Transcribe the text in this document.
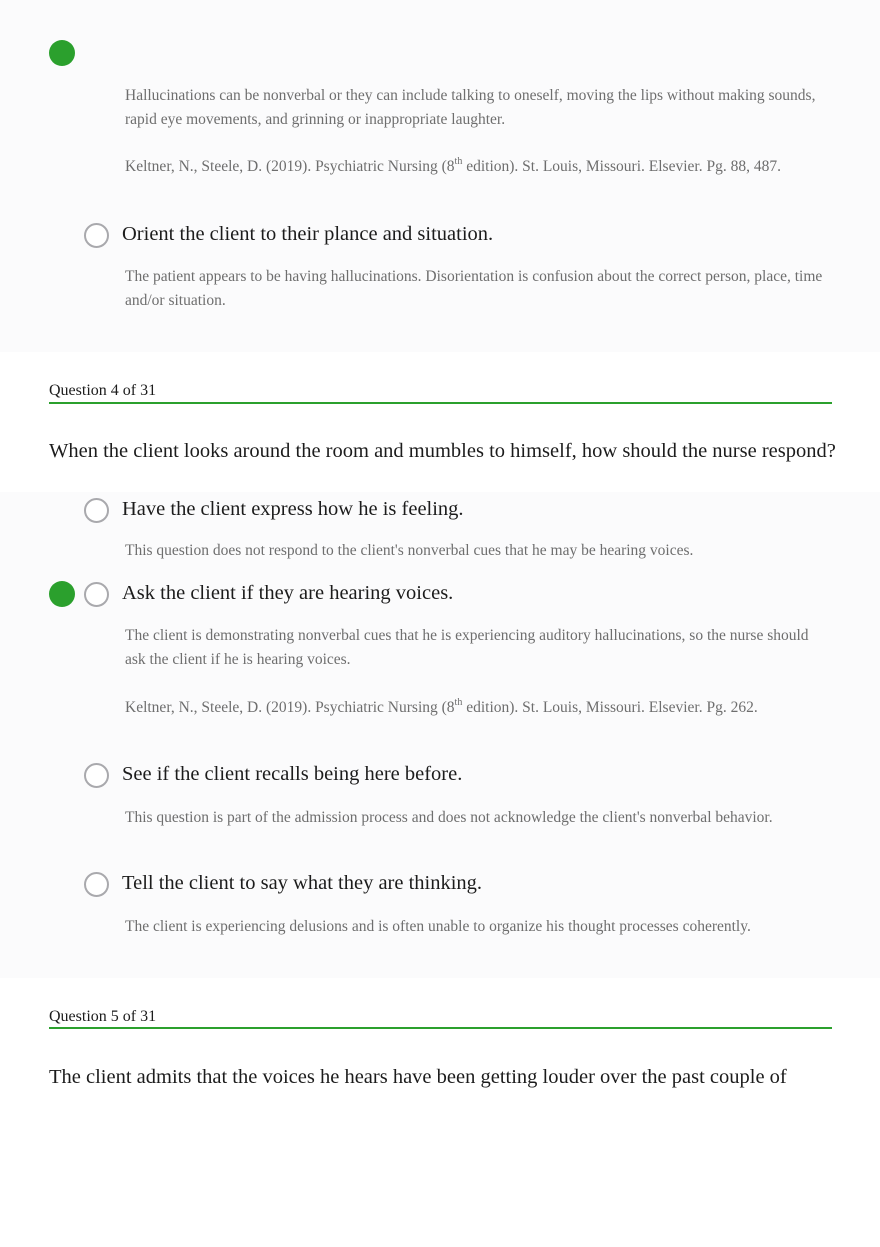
Hallucinations can be nonverbal or they can include talking to oneself, moving the lips without making sounds, rapid eye movements, and grinning or inappropriate laughter.
Keltner, N., Steele, D. (2019). Psychiatric Nursing (8th edition). St. Louis, Missouri. Elsevier. Pg. 88, 487.
Orient the client to their plance and situation.
The patient appears to be having hallucinations. Disorientation is confusion about the correct person, place, time and/or situation.
Question 4 of 31
When the client looks around the room and mumbles to himself, how should the nurse respond?
Have the client express how he is feeling.
This question does not respond to the client's nonverbal cues that he may be hearing voices.
Ask the client if they are hearing voices.
The client is demonstrating nonverbal cues that he is experiencing auditory hallucinations, so the nurse should ask the client if he is hearing voices.
Keltner, N., Steele, D. (2019). Psychiatric Nursing (8th edition). St. Louis, Missouri. Elsevier. Pg. 262.
See if the client recalls being here before.
This question is part of the admission process and does not acknowledge the client's nonverbal behavior.
Tell the client to say what they are thinking.
The client is experiencing delusions and is often unable to organize his thought processes coherently.
Question 5 of 31
The client admits that the voices he hears have been getting louder over the past couple of
